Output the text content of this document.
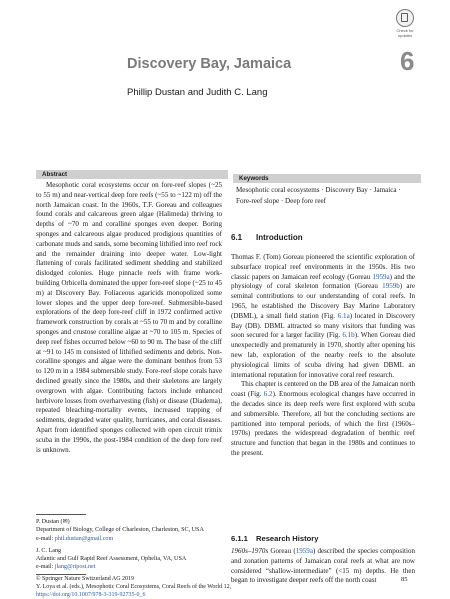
Check for
updates
Discovery Bay, Jamaica	6
Phillip Dustan and Judith C. Lang
Abstract
Mesophotic coral ecosystems occur on fore-reef slopes (~25 to 55 m) and near-vertical deep fore reefs (~55 to ~122 m) off the north Jamaican coast. In the 1960s, T.F. Goreau and colleagues found corals and calcareous green algae (Halimeda) thriving to depths of ~70 m and coralline sponges even deeper. Boring sponges and calcareous algae produced prodigious quantities of carbonate muds and sands, some becoming lithified into reef rock and the remainder draining into deeper water. Low-light flattening of corals facilitated sediment shedding and stabilized dislodged colonies. Huge pinnacle reefs with frame work-building Orbicella dominated the upper fore-reef slope (~25 to 45 m) at Discovery Bay. Foliaceous agaricids monopolized some lower slopes and the upper deep fore-reef. Submersible-based explorations of the deep fore-reef cliff in 1972 confirmed active framework construction by corals at ~55 to 70 m and by coralline sponges and crustose coralline algae at ~70 to 105 m. Species of deep reef fishes occurred below ~60 to 90 m. The base of the cliff at ~91 to 145 m consisted of lithified sediments and debris. Non-coralline sponges and algae were the dominant benthos from 53 to 120 m in a 1984 submersible study. Fore-reef slope corals have declined greatly since the 1980s, and their skeletons are largely overgrown with algae. Contributing factors include enhanced herbivore losses from overharvesting (fish) or disease (Diadema), repeated bleaching-mortality events, increased trapping of sediments, degraded water quality, hurricanes, and coral diseases. Apart from identified sponges collected with open circuit trimix scuba in the 1990s, the post-1984 condition of the deep fore reef is unknown.
Keywords
Mesophotic coral ecosystems · Discovery Bay · Jamaica · Fore-reef slope · Deep fore reef
6.1 Introduction

Thomas F. (Tom) Goreau pioneered the scientific exploration of subsurface tropical reef environments in the 1950s. His two classic papers on Jamaican reef ecology (Goreau 1959a) and the physiology of coral skeleton formation (Goreau 1959b) are seminal contributions to our understanding of coral reefs. In 1965, he established the Discovery Bay Marine Laboratory (DBML), a small field station (Fig. 6.1a) located in Discovery Bay (DB). DBML attracted so many visitors that funding was soon secured for a larger facility (Fig. 6.1b). When Goreau died unexpectedly and prematurely in 1970, shortly after opening his new lab, exploration of the nearby reefs to the absolute physiological limits of scuba diving had given DBML an international reputation for innovative coral reef research.

This chapter is centered on the DB area of the Jamaican north coast (Fig. 6.2). Enormous ecological changes have occurred in the decades since its deep reefs were first explored with scuba and submersible. Therefore, all but the concluding sections are partitioned into temporal periods, of which the first (1960s–1970s) predates the widespread degradation of benthic reef structure and function that began in the 1980s and continues to the present.

6.1.1 Research History
1960s–1970s Goreau (1959a) described the species composition and zonation patterns of Jamaican coral reefs at what are now considered “shallow-intermediate” (<15 m) depths. He then began to investigate deeper reefs off the north coast
P. Dustan (✉)
Department of Biology, College of Charleston, Charleston, SC, USA
e-mail: phil.dustan@gmail.com
J. C. Lang
Atlantic and Gulf Rapid Reef Assessment, Ophelia, VA, USA
e-mail: jlang@riposi.net
© Springer Nature Switzerland AG 2019
Y. Loya et al. (eds.), Mesophotic Coral Ecosystems, Coral Reefs of the World 12,
https://doi.org/10.1007/978-3-319-92735-0_6
85
